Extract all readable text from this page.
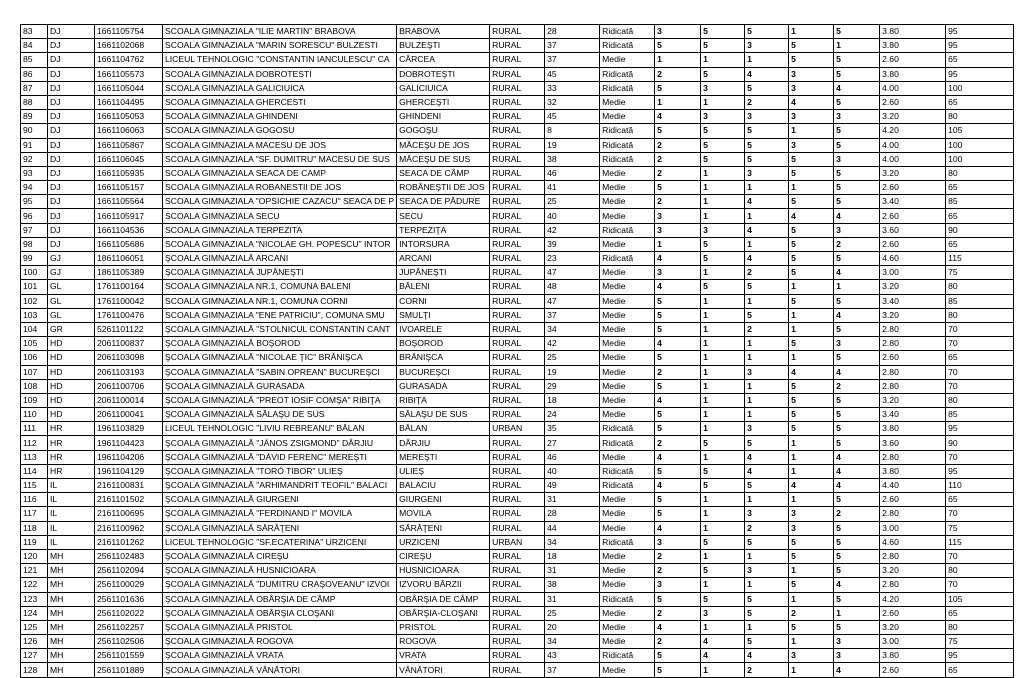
83	DJ	1661105754	SCOALA GIMNAZIALA "ILIE MARTIN" BRABOVA	BRABOVA	RURAL	28	Ridicată	3	5	5	1	5	3.80	95
84	DJ	1661102068	SCOALA GIMNAZIALA "MARIN SORESCU" BULZESTI	BULZEŞTI	RURAL	37	Ridicată	5	5	3	5	1	3.80	95
85	DJ	1661104762	LICEUL TEHNOLOGIC "CONSTANTIN IANCULESCU" CA	CÂRCEA	RURAL	37	Medie	1	1	1	5	5	2.60	65
86	DJ	1661105573	SCOALA GIMNAZIALA DOBROTESTI	DOBROTEŞTI	RURAL	45	Ridicată	2	5	4	3	5	3.80	95
87	DJ	1661105044	SCOALA GIMNAZIALA GALICIUICA	GALICIUICA	RURAL	33	Ridicată	5	3	5	3	4	4.00	100
88	DJ	1661104495	SCOALA GIMNAZIALA GHERCESTI	GHERCEŞTI	RURAL	32	Medie	1	1	2	4	5	2.60	65
89	DJ	1661105053	SCOALA GIMNAZIALA GHINDENI	GHINDENI	RURAL	45	Medie	4	3	3	3	3	3.20	80
90	DJ	1661106063	SCOALA GIMNAZIALA GOGOSU	GOGOŞU	RURAL	8	Ridicată	5	5	5	1	5	4.20	105
91	DJ	1661105867	SCOALA GIMNAZIALA MACESU DE JOS	MĂCEŞU DE JOS	RURAL	19	Ridicată	2	5	5	3	5	4.00	100
92	DJ	1661106045	SCOALA GIMNAZIALA "SF. DUMITRU" MACESU DE SUS	MĂCEŞU DE SUS	RURAL	38	Ridicată	2	5	5	5	3	4.00	100
93	DJ	1661105935	SCOALA GIMNAZIALA SEACA DE CAMP	SEACA DE CÂMP	RURAL	46	Medie	2	1	3	5	5	3.20	80
94	DJ	1661105157	SCOALA GIMNAZIALA ROBANESTII DE JOS	ROBĂNEŞTII DE JOS	RURAL	41	Medie	5	1	1	1	5	2.60	65
95	DJ	1661105564	SCOALA GIMNAZIALA "OPSICHIE CAZACU" SEACA DE P	SEACA DE PĂDURE	RURAL	25	Medie	2	1	4	5	5	3.40	85
96	DJ	1661105917	SCOALA GIMNAZIALA SECU	SECU	RURAL	40	Medie	3	1	1	4	4	2.60	65
97	DJ	1661104536	SCOALA GIMNAZIALA TERPEZITA	TERPEZIŢA	RURAL	42	Ridicată	3	3	4	5	3	3.60	90
98	DJ	1661105686	SCOALA GIMNAZIALA "NICOLAE GH. POPESCU" INTOR	INTORSURA	RURAL	39	Medie	1	5	1	5	2	2.60	65
99	GJ	1861106051	ŞCOALA GIMNAZIALĂ ARCANI	ARCANI	RURAL	23	Ridicată	4	5	4	5	5	4.60	115
100	GJ	1861105389	ŞCOALA GIMNAZIALĂ JUPÂNEŞTI	JUPÂNEŞTI	RURAL	47	Medie	3	1	2	5	4	3.00	75
101	GL	1761100164	SCOALA GIMNAZIALA NR.1, COMUNA BALENI	BĂLENI	RURAL	48	Medie	4	5	5	1	1	3.20	80
102	GL	1761100042	SCOALA GIMNAZIALA NR.1, COMUNA CORNI	CORNI	RURAL	47	Medie	5	1	1	5	5	3.40	85
103	GL	1761100476	SCOALA GIMNAZIALA "ENE PATRICIU", COMUNA SMU	SMULŢI	RURAL	37	Medie	5	1	5	1	4	3.20	80
104	GR	5261101122	ŞCOALA GIMNAZIALĂ "STOLNICUL CONSTANTIN CANT	IVOARELE	RURAL	34	Medie	5	1	2	1	5	2.80	70
105	HD	2061100837	ŞCOALA GIMNAZIALĂ BOŞOROD	BOŞOROD	RURAL	42	Medie	4	1	1	5	3	2.80	70
106	HD	2061103098	ŞCOALA GIMNAZIALĂ "NICOLAE ŢIC" BRĂNIŞCA	BRĂNIŞCA	RURAL	25	Medie	5	1	1	1	5	2.60	65
107	HD	2061103193	ŞCOALA GIMNAZIALĂ "SABIN OPREAN" BUCUREŞCI	BUCUREŞCI	RURAL	19	Medie	2	1	3	4	4	2.80	70
108	HD	2061100706	ŞCOALA GIMNAZIALĂ GURASADA	GURASADA	RURAL	29	Medie	5	1	1	5	2	2.80	70
109	HD	2061100014	ŞCOALA GIMNAZIALĂ "PREOT IOSIF COMŞA" RIBIŢA	RIBIŢA	RURAL	18	Medie	4	1	1	5	5	3.20	80
110	HD	2061100041	ŞCOALA GIMNAZIALĂ SĂLAŞU DE SUS	SĂLAŞU DE SUS	RURAL	24	Medie	5	1	1	5	5	3.40	85
111	HR	1961103829	LICEUL TEHNOLOGIC "LIVIU REBREANU" BĂLAN	BĂLAN	URBAN	35	Ridicată	5	1	3	5	5	3.80	95
112	HR	1961104423	ŞCOALA GIMNAZIALĂ "JÁNOS ZSIGMOND" DÂRJIU	DÂRJIU	RURAL	27	Ridicată	2	5	5	1	5	3.60	90
113	HR	1961104206	ŞCOALA GIMNAZIALĂ "DÁVID FERENC" MEREŞTI	MEREŞTI	RURAL	46	Medie	4	1	4	1	4	2.80	70
114	HR	1961104129	ŞCOALA GIMNAZIALĂ "TORÓ TIBOR" ULIEŞ	ULIEŞ	RURAL	40	Ridicată	5	5	4	1	4	3.80	95
115	IL	2161100831	ŞCOALA GIMNAZIALĂ "ARHIMANDRIT TEOFIL" BALACI	BALACIU	RURAL	49	Ridicată	4	5	5	4	4	4.40	110
116	IL	2161101502	ŞCOALA GIMNAZIALĂ GIURGENI	GIURGENI	RURAL	31	Medie	5	1	1	1	5	2.60	65
117	IL	2161100695	ŞCOALA GIMNAZIALĂ "FERDINAND I" MOVILA	MOVILA	RURAL	28	Medie	5	1	3	3	2	2.80	70
118	IL	2161100962	ŞCOALA GIMNAZIALĂ SĂRĂŢENI	SĂRĂŢENI	RURAL	44	Medie	4	1	2	3	5	3.00	75
119	IL	2161101262	LICEUL TEHNOLOGIC "SF.ECATERINA" URZICENI	URZICENI	URBAN	34	Ridicată	3	5	5	5	5	4.60	115
120	MH	2561102483	ŞCOALA GIMNAZIALĂ CIREŞU	CIREŞU	RURAL	18	Medie	2	1	1	5	5	2.80	70
121	MH	2561102094	ŞCOALA GIMNAZIALĂ HUSNICIOARA	HUSNICIOARA	RURAL	31	Medie	2	5	3	1	5	3.20	80
122	MH	2561100029	ŞCOALA GIMNAZIALĂ "DUMITRU CRAŞOVEANU" IZVOI	IZVORU BÂRZII	RURAL	38	Medie	3	1	1	5	4	2.80	70
123	MH	2561101636	ŞCOALA GIMNAZIALĂ OBÂRŞIA DE CÂMP	OBÂRŞIA DE CÂMP	RURAL	31	Ridicată	5	5	5	1	5	4.20	105
124	MH	2561102022	ŞCOALA GIMNAZIALĂ OBÂRŞIA CLOŞANI	OBÂRŞIA-CLOŞANI	RURAL	25	Medie	2	3	5	2	1	2.60	65
125	MH	2561102257	ŞCOALA GIMNAZIALĂ PRISTOL	PRISTOL	RURAL	20	Medie	4	1	1	5	5	3.20	80
126	MH	2561102506	ŞCOALA GIMNAZIALĂ ROGOVA	ROGOVA	RURAL	34	Medie	2	4	5	1	3	3.00	75
127	MH	2561101559	ŞCOALA GIMNAZIALĂ VRATA	VRATA	RURAL	43	Ridicată	5	4	4	3	3	3.80	95
128	MH	2561101889	ŞCOALA GIMNAZIALĂ VÂNĂTORI	VÂNĂTORI	RURAL	37	Medie	5	1	2	1	4	2.60	65
